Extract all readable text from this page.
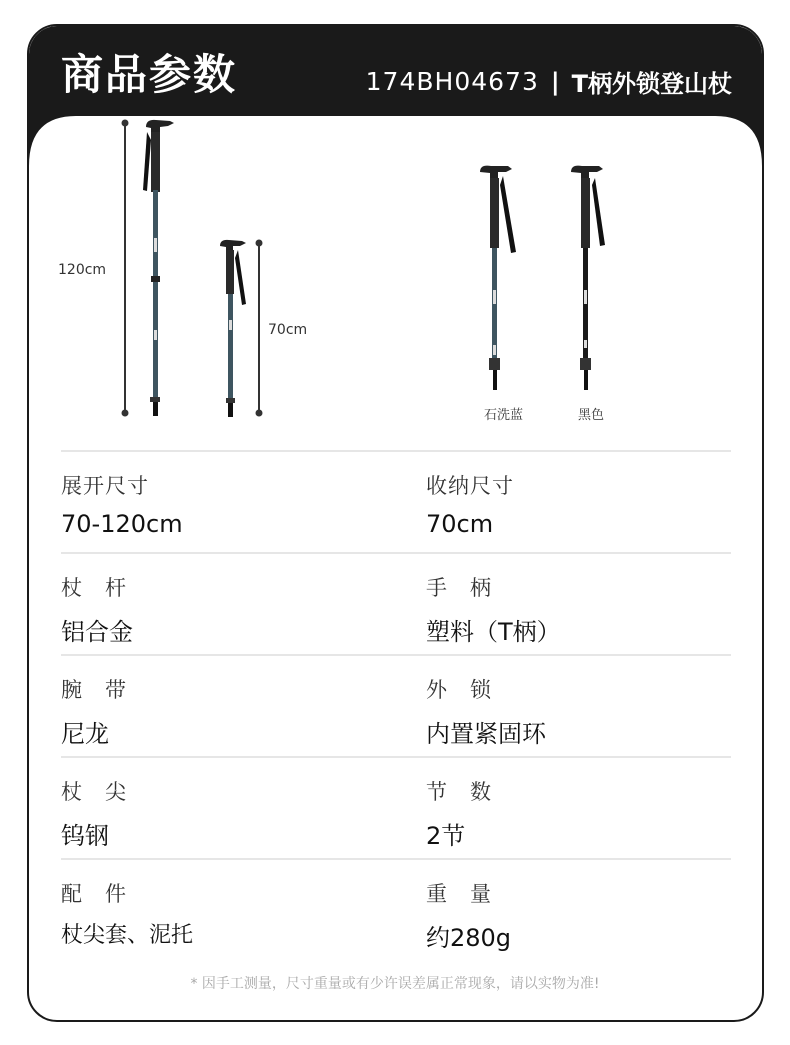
商品参数	174BH04673 | T柄外锁登山杖
120cm
70cm
石洗蓝	黑色
展开尺寸
70-120cm
收纳尺寸
70cm
杖　杆
铝合金
手　柄
塑料（T柄）
腕　带
尼龙
外　锁
内置紧固环
杖　尖
钨钢
节　数
2节
配　件
杖尖套、泥托
重　量
约280g
* 因手工测量，尺寸重量或有少许误差属正常现象，请以实物为准!
